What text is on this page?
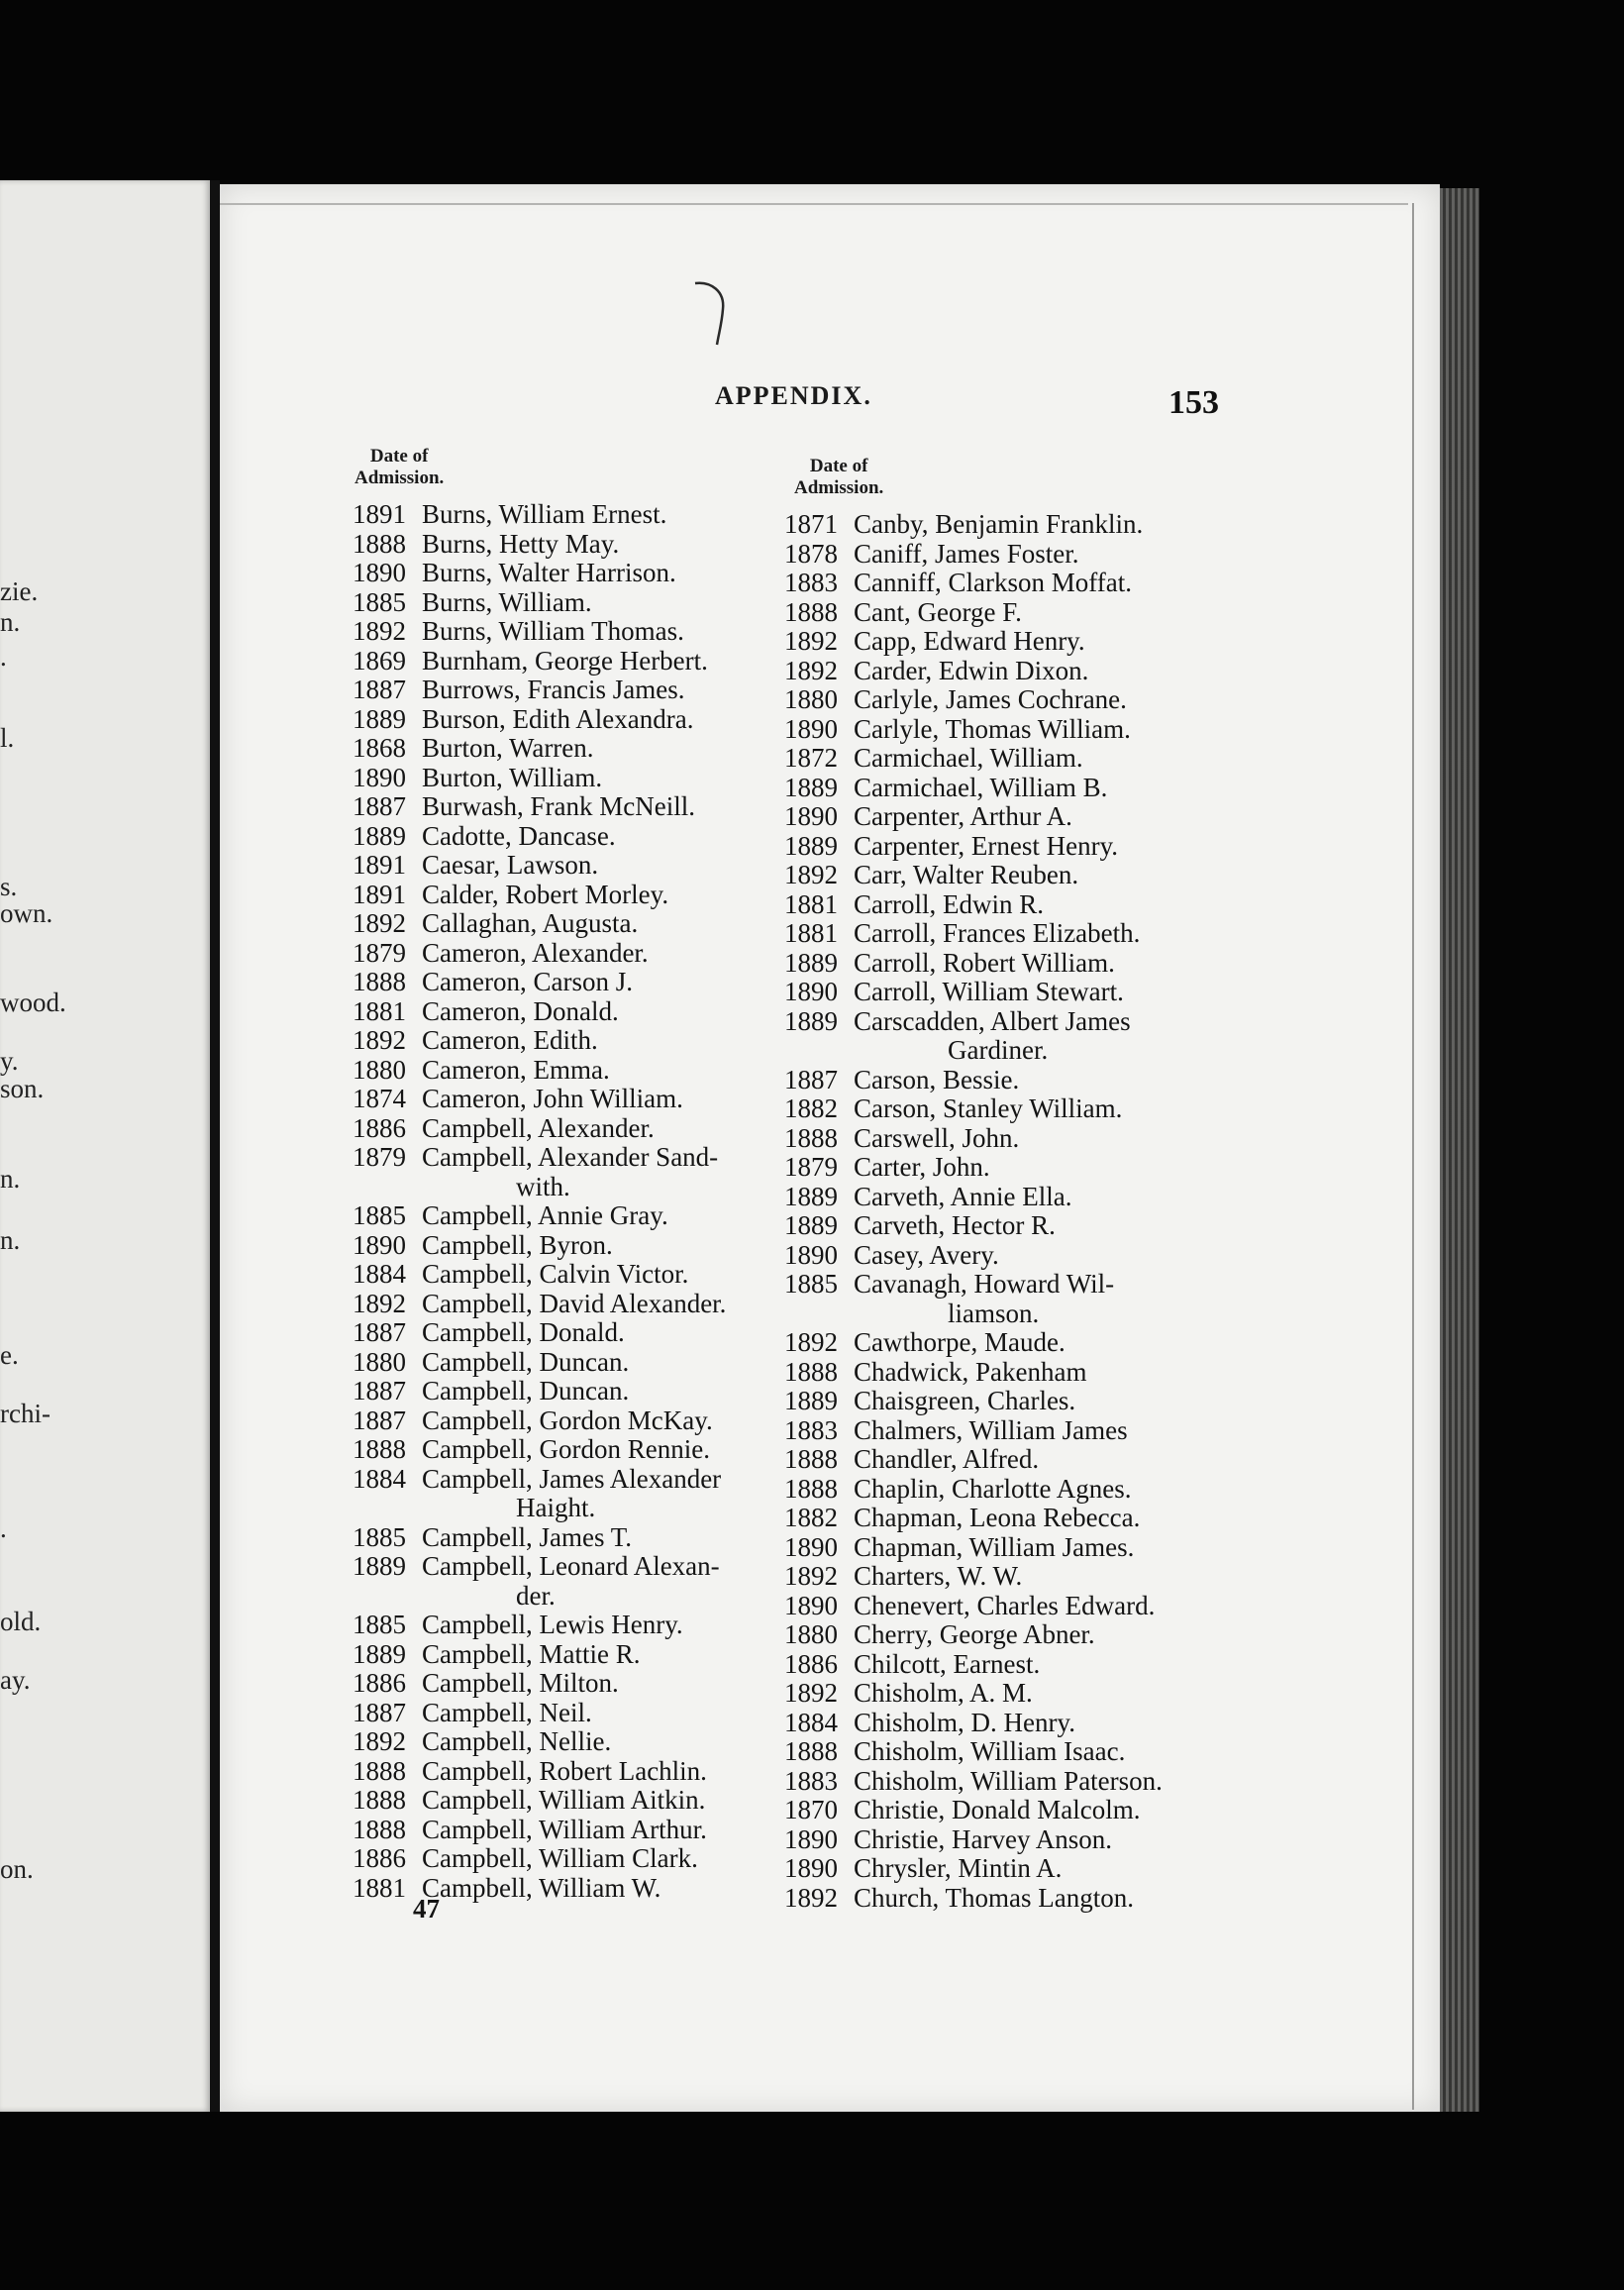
zie.
n.
.
l.
s.
own.
wood.
y.
son.
n.
n.
e.
rchi-
.
old.
ay.
on.
APPENDIX.	153
Date of
Admission.
Date of
Admission.
1891 Burns, William Ernest.
1888 Burns, Hetty May.
1890 Burns, Walter Harrison.
1885 Burns, William.
1892 Burns, William Thomas.
1869 Burnham, George Herbert.
1887 Burrows, Francis James.
1889 Burson, Edith Alexandra.
1868 Burton, Warren.
1890 Burton, William.
1887 Burwash, Frank McNeill.
1889 Cadotte, Dancase.
1891 Caesar, Lawson.
1891 Calder, Robert Morley.
1892 Callaghan, Augusta.
1879 Cameron, Alexander.
1888 Cameron, Carson J.
1881 Cameron, Donald.
1892 Cameron, Edith.
1880 Cameron, Emma.
1874 Cameron, John William.
1886 Campbell, Alexander.
1879 Campbell, Alexander Sand-
with.
1885 Campbell, Annie Gray.
1890 Campbell, Byron.
1884 Campbell, Calvin Victor.
1892 Campbell, David Alexander.
1887 Campbell, Donald.
1880 Campbell, Duncan.
1887 Campbell, Duncan.
1887 Campbell, Gordon McKay.
1888 Campbell, Gordon Rennie.
1884 Campbell, James Alexander
Haight.
1885 Campbell, James T.
1889 Campbell, Leonard Alexan-
der.
1885 Campbell, Lewis Henry.
1889 Campbell, Mattie R.
1886 Campbell, Milton.
1887 Campbell, Neil.
1892 Campbell, Nellie.
1888 Campbell, Robert Lachlin.
1888 Campbell, William Aitkin.
1888 Campbell, William Arthur.
1886 Campbell, William Clark.
1881 Campbell, William W.
1871 Canby, Benjamin Franklin.
1878 Caniff, James Foster.
1883 Canniff, Clarkson Moffat.
1888 Cant, George F.
1892 Capp, Edward Henry.
1892 Carder, Edwin Dixon.
1880 Carlyle, James Cochrane.
1890 Carlyle, Thomas William.
1872 Carmichael, William.
1889 Carmichael, William B.
1890 Carpenter, Arthur A.
1889 Carpenter, Ernest Henry.
1892 Carr, Walter Reuben.
1881 Carroll, Edwin R.
1881 Carroll, Frances Elizabeth.
1889 Carroll, Robert William.
1890 Carroll, William Stewart.
1889 Carscadden, Albert James
Gardiner.
1887 Carson, Bessie.
1882 Carson, Stanley William.
1888 Carswell, John.
1879 Carter, John.
1889 Carveth, Annie Ella.
1889 Carveth, Hector R.
1890 Casey, Avery.
1885 Cavanagh, Howard Wil-
liamson.
1892 Cawthorpe, Maude.
1888 Chadwick, Pakenham
1889 Chaisgreen, Charles.
1883 Chalmers, William James
1888 Chandler, Alfred.
1888 Chaplin, Charlotte Agnes.
1882 Chapman, Leona Rebecca.
1890 Chapman, William James.
1892 Charters, W. W.
1890 Chenevert, Charles Edward.
1880 Cherry, George Abner.
1886 Chilcott, Earnest.
1892 Chisholm, A. M.
1884 Chisholm, D. Henry.
1888 Chisholm, William Isaac.
1883 Chisholm, William Paterson.
1870 Christie, Donald Malcolm.
1890 Christie, Harvey Anson.
1890 Chrysler, Mintin A.
1892 Church, Thomas Langton.
47
